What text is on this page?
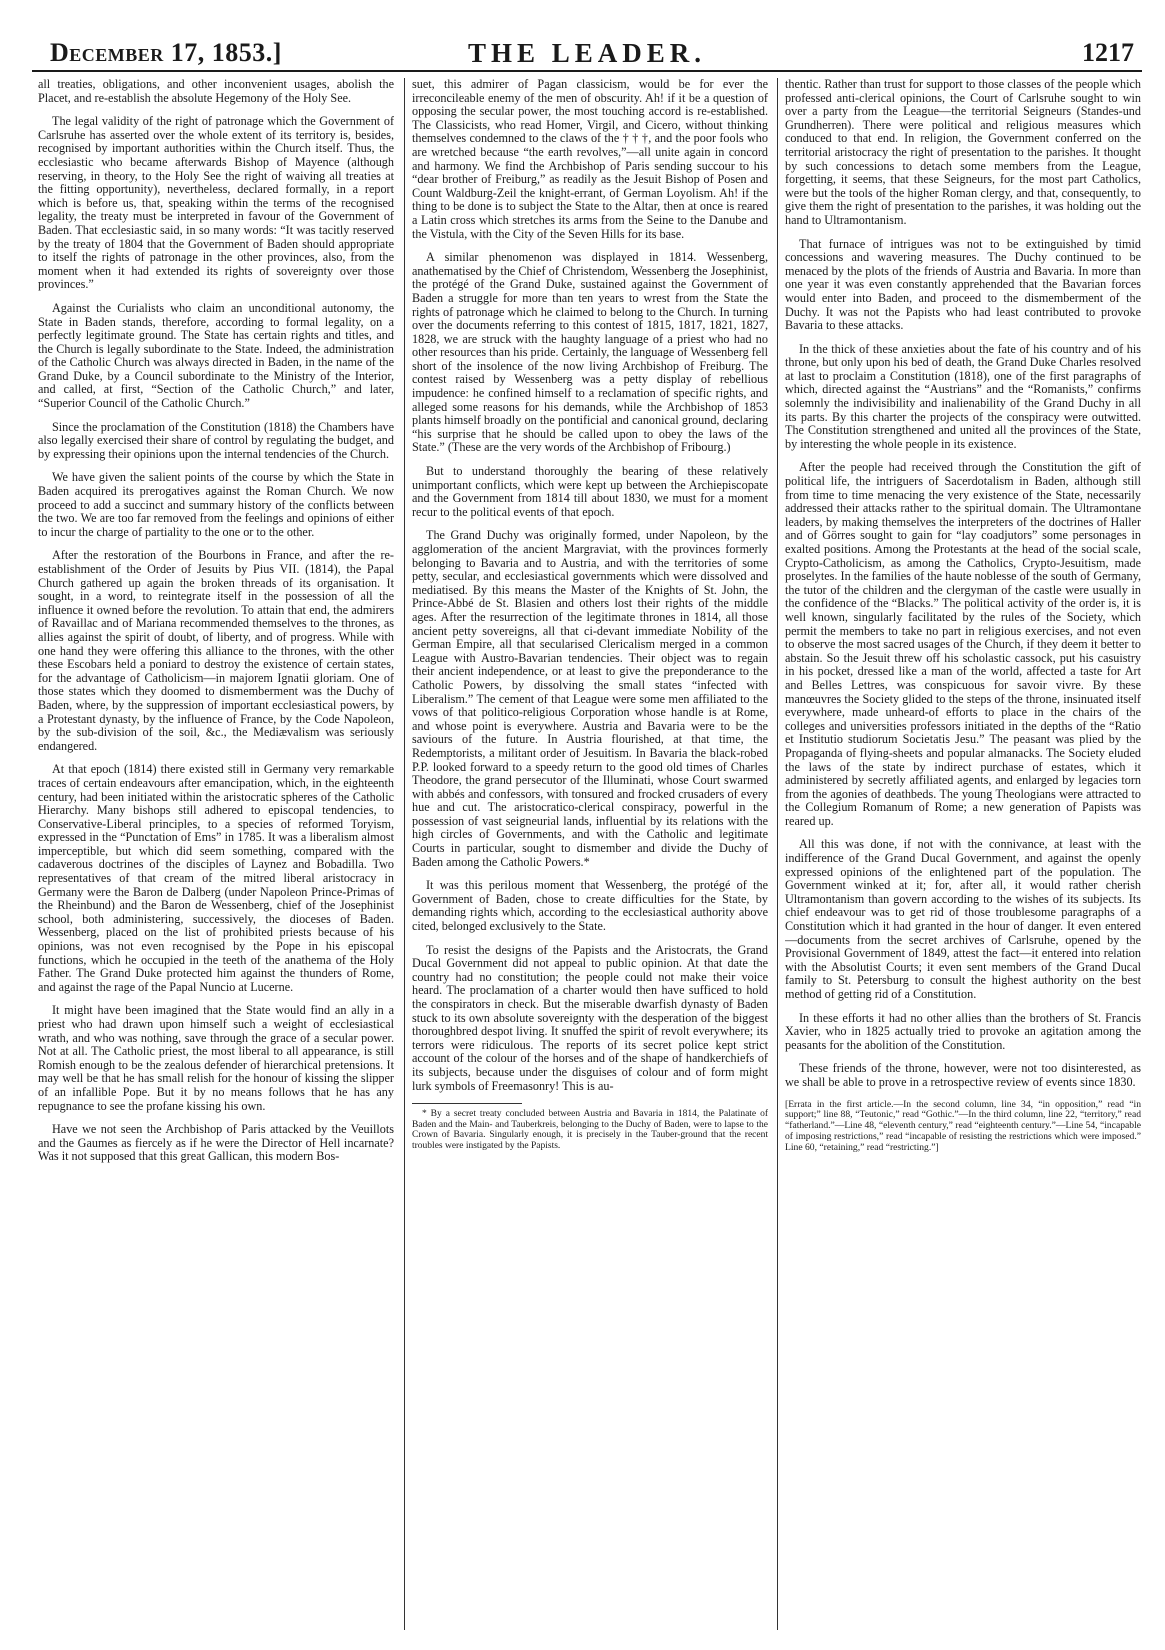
December 17, 1853.]	THE LEADER.	1217

all treaties, obligations, and other inconvenient usages, abolish the Placet, and re-establish the absolute Hegemony of the Holy See.

The legal validity of the right of patronage which the Government of Carlsruhe has asserted over the whole extent of its territory is, besides, recognised by important authorities within the Church itself. Thus, the ecclesiastic who became afterwards Bishop of Mayence (although reserving, in theory, to the Holy See the right of waiving all treaties at the fitting opportunity), nevertheless, declared formally, in a report which is before us, that, speaking within the terms of the recognised legality, the treaty must be interpreted in favour of the Government of Baden. That ecclesiastic said, in so many words: “It was tacitly reserved by the treaty of 1804 that the Government of Baden should appropriate to itself the rights of patronage in the other provinces, also, from the moment when it had extended its rights of sovereignty over those provinces.”

Against the Curialists who claim an unconditional autonomy, the State in Baden stands, therefore, according to formal legality, on a perfectly legitimate ground. The State has certain rights and titles, and the Church is legally subordinate to the State. Indeed, the administration of the Catholic Church was always directed in Baden, in the name of the Grand Duke, by a Council subordinate to the Ministry of the Interior, and called, at first, “Section of the Catholic Church,” and later, “Superior Council of the Catholic Church.”

Since the proclamation of the Constitution (1818) the Chambers have also legally exercised their share of control by regulating the budget, and by expressing their opinions upon the internal tendencies of the Church.

We have given the salient points of the course by which the State in Baden acquired its prerogatives against the Roman Church. We now proceed to add a succinct and summary history of the conflicts between the two. We are too far removed from the feelings and opinions of either to incur the charge of partiality to the one or to the other.

After the restoration of the Bourbons in France, and after the re-establishment of the Order of Jesuits by Pius VII. (1814), the Papal Church gathered up again the broken threads of its organisation. It sought, in a word, to reintegrate itself in the possession of all the influence it owned before the revolution. To attain that end, the admirers of Ravaillac and of Mariana recommended themselves to the thrones, as allies against the spirit of doubt, of liberty, and of progress. While with one hand they were offering this alliance to the thrones, with the other these Escobars held a poniard to destroy the existence of certain states, for the advantage of Catholicism—in majorem Ignatii gloriam. One of those states which they doomed to dismemberment was the Duchy of Baden, where, by the suppression of important ecclesiastical powers, by a Protestant dynasty, by the influence of France, by the Code Napoleon, by the sub-division of the soil, &c., the Mediævalism was seriously endangered.

At that epoch (1814) there existed still in Germany very remarkable traces of certain endeavours after emancipation, which, in the eighteenth century, had been initiated within the aristocratic spheres of the Catholic Hierarchy. Many bishops still adhered to episcopal tendencies, to Conservative-Liberal principles, to a species of reformed Toryism, expressed in the “Punctation of Ems” in 1785. It was a liberalism almost imperceptible, but which did seem something, compared with the cadaverous doctrines of the disciples of Laynez and Bobadilla. Two representatives of that cream of the mitred liberal aristocracy in Germany were the Baron de Dalberg (under Napoleon Prince-Primas of the Rheinbund) and the Baron de Wessenberg, chief of the Josephinist school, both administering, successively, the dioceses of Baden. Wessenberg, placed on the list of prohibited priests because of his opinions, was not even recognised by the Pope in his episcopal functions, which he occupied in the teeth of the anathema of the Holy Father. The Grand Duke protected him against the thunders of Rome, and against the rage of the Papal Nuncio at Lucerne.

It might have been imagined that the State would find an ally in a priest who had drawn upon himself such a weight of ecclesiastical wrath, and who was nothing, save through the grace of a secular power. Not at all. The Catholic priest, the most liberal to all appearance, is still Romish enough to be the zealous defender of hierarchical pretensions. It may well be that he has small relish for the honour of kissing the slipper of an infallible Pope. But it by no means follows that he has any repugnance to see the profane kissing his own.

Have we not seen the Archbishop of Paris attacked by the Veuillots and the Gaumes as fiercely as if he were the Director of Hell incarnate? Was it not supposed that this great Gallican, this modern Bos-

suet, this admirer of Pagan classicism, would be for ever the irreconcileable enemy of the men of obscurity. Ah! if it be a question of opposing the secular power, the most touching accord is re-established. The Classicists, who read Homer, Virgil, and Cicero, without thinking themselves condemned to the claws of the † † †, and the poor fools who are wretched because “the earth revolves,”—all unite again in concord and harmony. We find the Archbishop of Paris sending succour to his “dear brother of Freiburg,” as readily as the Jesuit Bishop of Posen and Count Waldburg-Zeil the knight-errant, of German Loyolism. Ah! if the thing to be done is to subject the State to the Altar, then at once is reared a Latin cross which stretches its arms from the Seine to the Danube and the Vistula, with the City of the Seven Hills for its base.

A similar phenomenon was displayed in 1814. Wessenberg, anathematised by the Chief of Christendom, Wessenberg the Josephinist, the protégé of the Grand Duke, sustained against the Government of Baden a struggle for more than ten years to wrest from the State the rights of patronage which he claimed to belong to the Church. In turning over the documents referring to this contest of 1815, 1817, 1821, 1827, 1828, we are struck with the haughty language of a priest who had no other resources than his pride. Certainly, the language of Wessenberg fell short of the insolence of the now living Archbishop of Freiburg. The contest raised by Wessenberg was a petty display of rebellious impudence: he confined himself to a reclamation of specific rights, and alleged some reasons for his demands, while the Archbishop of 1853 plants himself broadly on the pontificial and canonical ground, declaring “his surprise that he should be called upon to obey the laws of the State.” (These are the very words of the Archbishop of Fribourg.)

But to understand thoroughly the bearing of these relatively unimportant conflicts, which were kept up between the Archiepiscopate and the Government from 1814 till about 1830, we must for a moment recur to the political events of that epoch.

The Grand Duchy was originally formed, under Napoleon, by the agglomeration of the ancient Margraviat, with the provinces formerly belonging to Bavaria and to Austria, and with the territories of some petty, secular, and ecclesiastical governments which were dissolved and mediatised. By this means the Master of the Knights of St. John, the Prince-Abbé de St. Blasien and others lost their rights of the middle ages. After the resurrection of the legitimate thrones in 1814, all those ancient petty sovereigns, all that ci-devant immediate Nobility of the German Empire, all that secularised Clericalism merged in a common League with Austro-Bavarian tendencies. Their object was to regain their ancient independence, or at least to give the preponderance to the Catholic Powers, by dissolving the small states “infected with Liberalism.” The cement of that League were some men affiliated to the vows of that politico-religious Corporation whose handle is at Rome, and whose point is everywhere. Austria and Bavaria were to be the saviours of the future. In Austria flourished, at that time, the Redemptorists, a militant order of Jesuitism. In Bavaria the black-robed P.P. looked forward to a speedy return to the good old times of Charles Theodore, the grand persecutor of the Illuminati, whose Court swarmed with abbés and confessors, with tonsured and frocked crusaders of every hue and cut. The aristocratico-clerical conspiracy, powerful in the possession of vast seigneurial lands, influential by its relations with the high circles of Governments, and with the Catholic and legitimate Courts in particular, sought to dismember and divide the Duchy of Baden among the Catholic Powers.*

It was this perilous moment that Wessenberg, the protégé of the Government of Baden, chose to create difficulties for the State, by demanding rights which, according to the ecclesiastical authority above cited, belonged exclusively to the State.

To resist the designs of the Papists and the Aristocrats, the Grand Ducal Government did not appeal to public opinion. At that date the country had no constitution; the people could not make their voice heard. The proclamation of a charter would then have sufficed to hold the conspirators in check. But the miserable dwarfish dynasty of Baden stuck to its own absolute sovereignty with the desperation of the biggest thoroughbred despot living. It snuffed the spirit of revolt everywhere; its terrors were ridiculous. The reports of its secret police kept strict account of the colour of the horses and of the shape of handkerchiefs of its subjects, because under the disguises of colour and of form might lurk symbols of Freemasonry! This is au-

* By a secret treaty concluded between Austria and Bavaria in 1814, the Palatinate of Baden and the Main- and Tauberkreis, belonging to the Duchy of Baden, were to lapse to the Crown of Bavaria. Singularly enough, it is precisely in the Tauber-ground that the recent troubles were instigated by the Papists.

thentic. Rather than trust for support to those classes of the people which professed anti-clerical opinions, the Court of Carlsruhe sought to win over a party from the League—the territorial Seigneurs (Standes-und Grundherren). There were political and religious measures which conduced to that end. In religion, the Government conferred on the territorial aristocracy the right of presentation to the parishes. It thought by such concessions to detach some members from the League, forgetting, it seems, that these Seigneurs, for the most part Catholics, were but the tools of the higher Roman clergy, and that, consequently, to give them the right of presentation to the parishes, it was holding out the hand to Ultramontanism.

That furnace of intrigues was not to be extinguished by timid concessions and wavering measures. The Duchy continued to be menaced by the plots of the friends of Austria and Bavaria. In more than one year it was even constantly apprehended that the Bavarian forces would enter into Baden, and proceed to the dismemberment of the Duchy. It was not the Papists who had least contributed to provoke Bavaria to these attacks.

In the thick of these anxieties about the fate of his country and of his throne, but only upon his bed of death, the Grand Duke Charles resolved at last to proclaim a Constitution (1818), one of the first paragraphs of which, directed against the “Austrians” and the “Romanists,” confirms solemnly the indivisibility and inalienability of the Grand Duchy in all its parts. By this charter the projects of the conspiracy were outwitted. The Constitution strengthened and united all the provinces of the State, by interesting the whole people in its existence.

After the people had received through the Constitution the gift of political life, the intriguers of Sacerdotalism in Baden, although still from time to time menacing the very existence of the State, necessarily addressed their attacks rather to the spiritual domain. The Ultramontane leaders, by making themselves the interpreters of the doctrines of Haller and of Görres sought to gain for “lay coadjutors” some personages in exalted positions. Among the Protestants at the head of the social scale, Crypto-Catholicism, as among the Catholics, Crypto-Jesuitism, made proselytes. In the families of the haute noblesse of the south of Germany, the tutor of the children and the clergyman of the castle were usually in the confidence of the “Blacks.” The political activity of the order is, it is well known, singularly facilitated by the rules of the Society, which permit the members to take no part in religious exercises, and not even to observe the most sacred usages of the Church, if they deem it better to abstain. So the Jesuit threw off his scholastic cassock, put his casuistry in his pocket, dressed like a man of the world, affected a taste for Art and Belles Lettres, was conspicuous for savoir vivre. By these manœuvres the Society glided to the steps of the throne, insinuated itself everywhere, made unheard-of efforts to place in the chairs of the colleges and universities professors initiated in the depths of the “Ratio et Institutio studiorum Societatis Jesu.” The peasant was plied by the Propaganda of flying-sheets and popular almanacks. The Society eluded the laws of the state by indirect purchase of estates, which it administered by secretly affiliated agents, and enlarged by legacies torn from the agonies of deathbeds. The young Theologians were attracted to the Collegium Romanum of Rome; a new generation of Papists was reared up.

All this was done, if not with the connivance, at least with the indifference of the Grand Ducal Government, and against the openly expressed opinions of the enlightened part of the population. The Government winked at it; for, after all, it would rather cherish Ultramontanism than govern according to the wishes of its subjects. Its chief endeavour was to get rid of those troublesome paragraphs of a Constitution which it had granted in the hour of danger. It even entered—documents from the secret archives of Carlsruhe, opened by the Provisional Government of 1849, attest the fact—it entered into relation with the Absolutist Courts; it even sent members of the Grand Ducal family to St. Petersburg to consult the highest authority on the best method of getting rid of a Constitution.

In these efforts it had no other allies than the brothers of St. Francis Xavier, who in 1825 actually tried to provoke an agitation among the peasants for the abolition of the Constitution.

These friends of the throne, however, were not too disinterested, as we shall be able to prove in a retrospective review of events since 1830.

[Errata in the first article.—In the second column, line 34, “in opposition,” read “in support;” line 88, “Teutonic,” read “Gothic.”—In the third column, line 22, “territory,” read “fatherland.”—Line 48, “eleventh century,” read “eighteenth century.”—Line 54, “incapable of imposing restrictions,” read “incapable of resisting the restrictions which were imposed.” Line 60, “retaining,” read “restricting.”]
